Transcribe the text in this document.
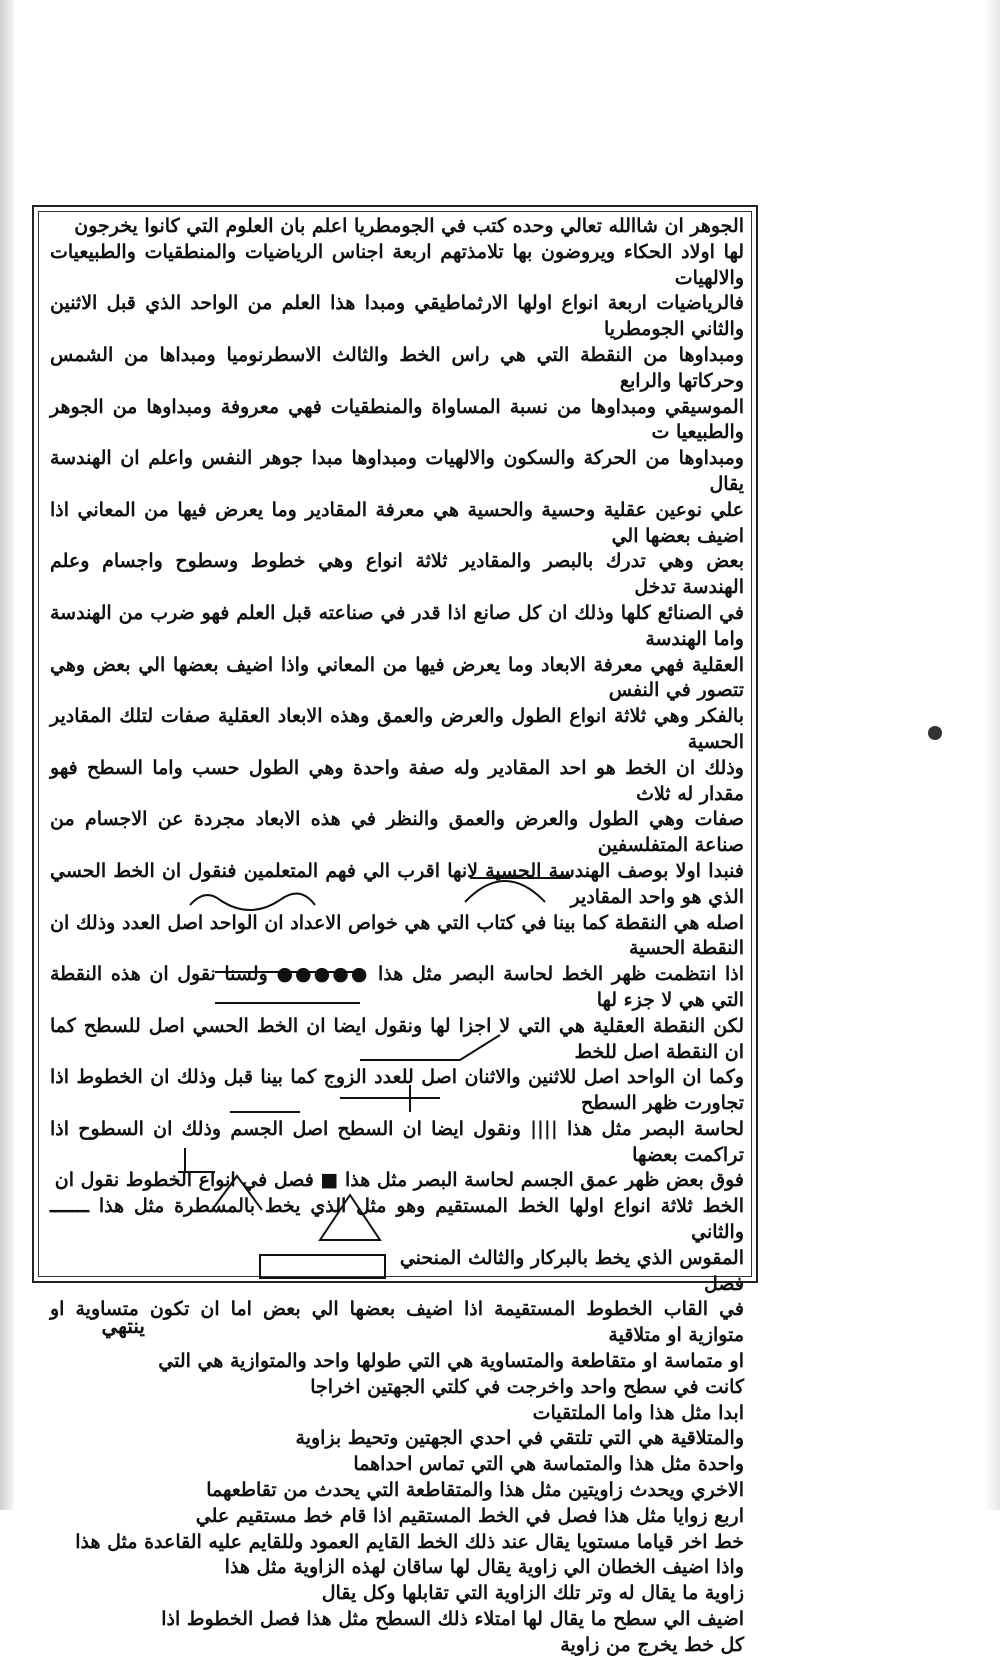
الجوهر ان شاالله تعالي وحده كتب في الجومطريا اعلم بان العلوم التي كانوا يخرجون
لها اولاد الحكاء ويروضون بها تلامذتهم اربعة اجناس الرياضيات والمنطقيات والطبيعيات والالهيات
فالرياضيات اربعة انواع اولها الارثماطيقي ومبدا هذا العلم من الواحد الذي قبل الاثنين والثاني الجومطريا
ومبداوها من النقطة التي هي راس الخط والثالث الاسطرنوميا ومبداها من الشمس وحركاتها والرابع
الموسيقي ومبداوها من نسبة المساواة والمنطقيات فهي معروفة ومبداوها من الجوهر والطبيعيا ت
ومبداوها من الحركة والسكون والالهيات ومبداوها مبدا جوهر النفس واعلم ان الهندسة يقال
علي نوعين عقلية وحسية والحسية هي معرفة المقادير وما يعرض فيها من المعاني اذا اضيف بعضها الي
بعض وهي تدرك بالبصر والمقادير ثلاثة انواع وهي خطوط وسطوح واجسام وعلم الهندسة تدخل
في الصنائع كلها وذلك ان كل صانع اذا قدر في صناعته قبل العلم فهو ضرب من الهندسة واما الهندسة
العقلية فهي معرفة الابعاد وما يعرض فيها من المعاني واذا اضيف بعضها الي بعض وهي تتصور في النفس
بالفكر وهي ثلاثة انواع الطول والعرض والعمق وهذه الابعاد العقلية صفات لتلك المقادير الحسية
وذلك ان الخط هو احد المقادير وله صفة واحدة وهي الطول حسب واما السطح فهو مقدار له ثلاث
صفات وهي الطول والعرض والعمق والنظر في هذه الابعاد مجردة عن الاجسام من صناعة المتفلسفين
فنبدا اولا بوصف الهندسة الحسية لانها اقرب الي فهم المتعلمين فنقول ان الخط الحسي الذي هو واحد المقادير
اصله هي النقطة كما بينا في كتاب التي هي خواص الاعداد ان الواحد اصل العدد وذلك ان النقطة الحسية
اذا انتظمت ظهر الخط لحاسة البصر مثل هذا ●●●●● ولسنا نقول ان هذه النقطة التي هي لا جزء لها
لكن النقطة العقلية هي التي لا اجزا لها ونقول ايضا ان الخط الحسي اصل للسطح كما ان النقطة اصل للخط
وكما ان الواحد اصل للاثنين والاثنان اصل للعدد الزوج كما بينا قبل وذلك ان الخطوط اذا تجاورت ظهر السطح
لحاسة البصر مثل هذا |||| ونقول ايضا ان السطح اصل الجسم وذلك ان السطوح اذا تراكمت بعضها
فوق بعض ظهر عمق الجسم لحاسة البصر مثل هذا ■ فصل في انواع الخطوط نقول ان
الخط ثلاثة انواع اولها الخط المستقيم وهو مثل الذي يخط بالمسطرة مثل هذا ـــــــ والثاني
المقوس الذي يخط بالبركار والثالث المنحني
فصل
في القاب الخطوط المستقيمة اذا اضيف بعضها الي بعض اما ان تكون متساوية او متوازية او متلاقية
او متماسة او متقاطعة والمتساوية هي التي طولها واحد والمتوازية هي التي
كانت في سطح واحد واخرجت في كلتي الجهتين اخراجا
ابدا مثل هذا واما الملتقيات
والمتلاقية هي التي تلتقي في احدي الجهتين وتحيط بزاوية
واحدة مثل هذا والمتماسة هي التي تماس احداهما
الاخري ويحدث زاويتين مثل هذا والمتقاطعة التي يحدث من تقاطعهما
اربع زوايا مثل هذا فصل في الخط المستقيم اذا قام خط مستقيم علي
خط اخر قياما مستويا يقال عند ذلك الخط القايم العمود وللقايم عليه القاعدة مثل هذا
واذا اضيف الخطان الي زاوية يقال لها ساقان لهذه الزاوية مثل هذا
زاوية ما يقال له وتر تلك الزاوية التي تقابلها وكل يقال
اضيف الي سطح ما يقال لها امتلاء ذلك السطح مثل هذا فصل الخطوط اذا
كل خط يخرج من زاوية
ينتهي
